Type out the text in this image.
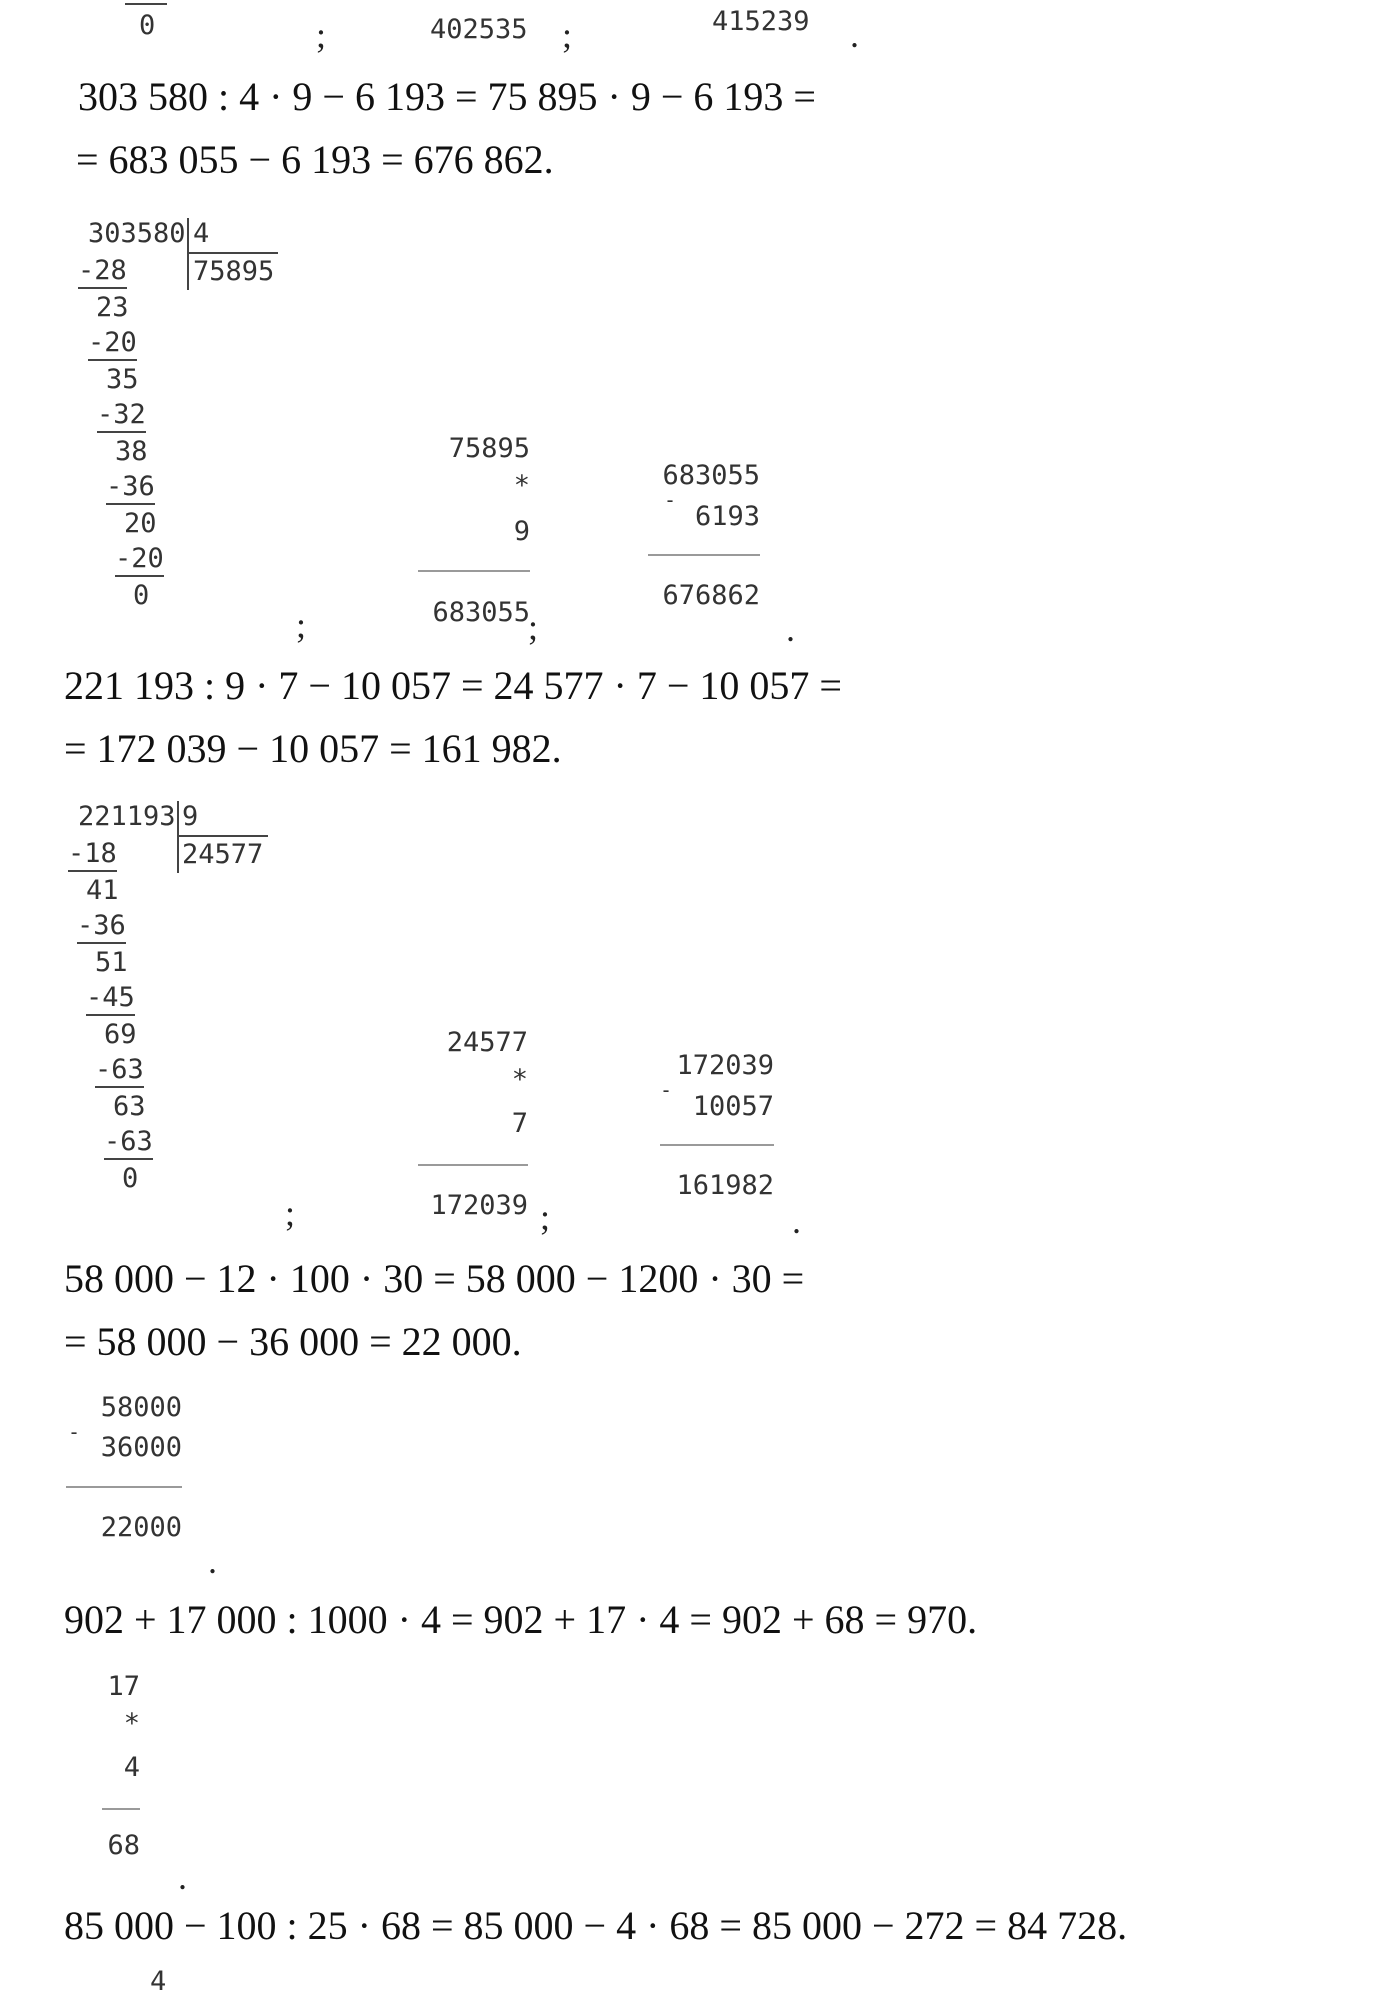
0	;	402535 ;	415239 .
303 580 : 4 · 9 − 6 193 = 75 895 · 9 − 6 193 =
= 683 055 − 6 193 = 676 862.
303580 4
75895
-28
23
-20
35
-32
38
-36
20
-20
0
;
75895
*
9
683055
;
-
683055
6193
676862
.
221 193 : 9 · 7 − 10 057 = 24 577 · 7 − 10 057 =
= 172 039 − 10 057 = 161 982.
221193 9
24577
-18
41
-36
51
-45
69
-63
63
-63
0
;
24577
*
7
172039 ;
-
172039
10057
161982
.
58 000 − 12 · 100 · 30 = 58 000 − 1200 · 30 =
= 58 000 − 36 000 = 22 000.
-
58000
36000
22000
.
902 + 17 000 : 1000 · 4 = 902 + 17 · 4 = 902 + 68 = 970.
17
*
4
68
.
85 000 − 100 : 25 · 68 = 85 000 − 4 · 68 = 85 000 − 272 = 84 728.
4
